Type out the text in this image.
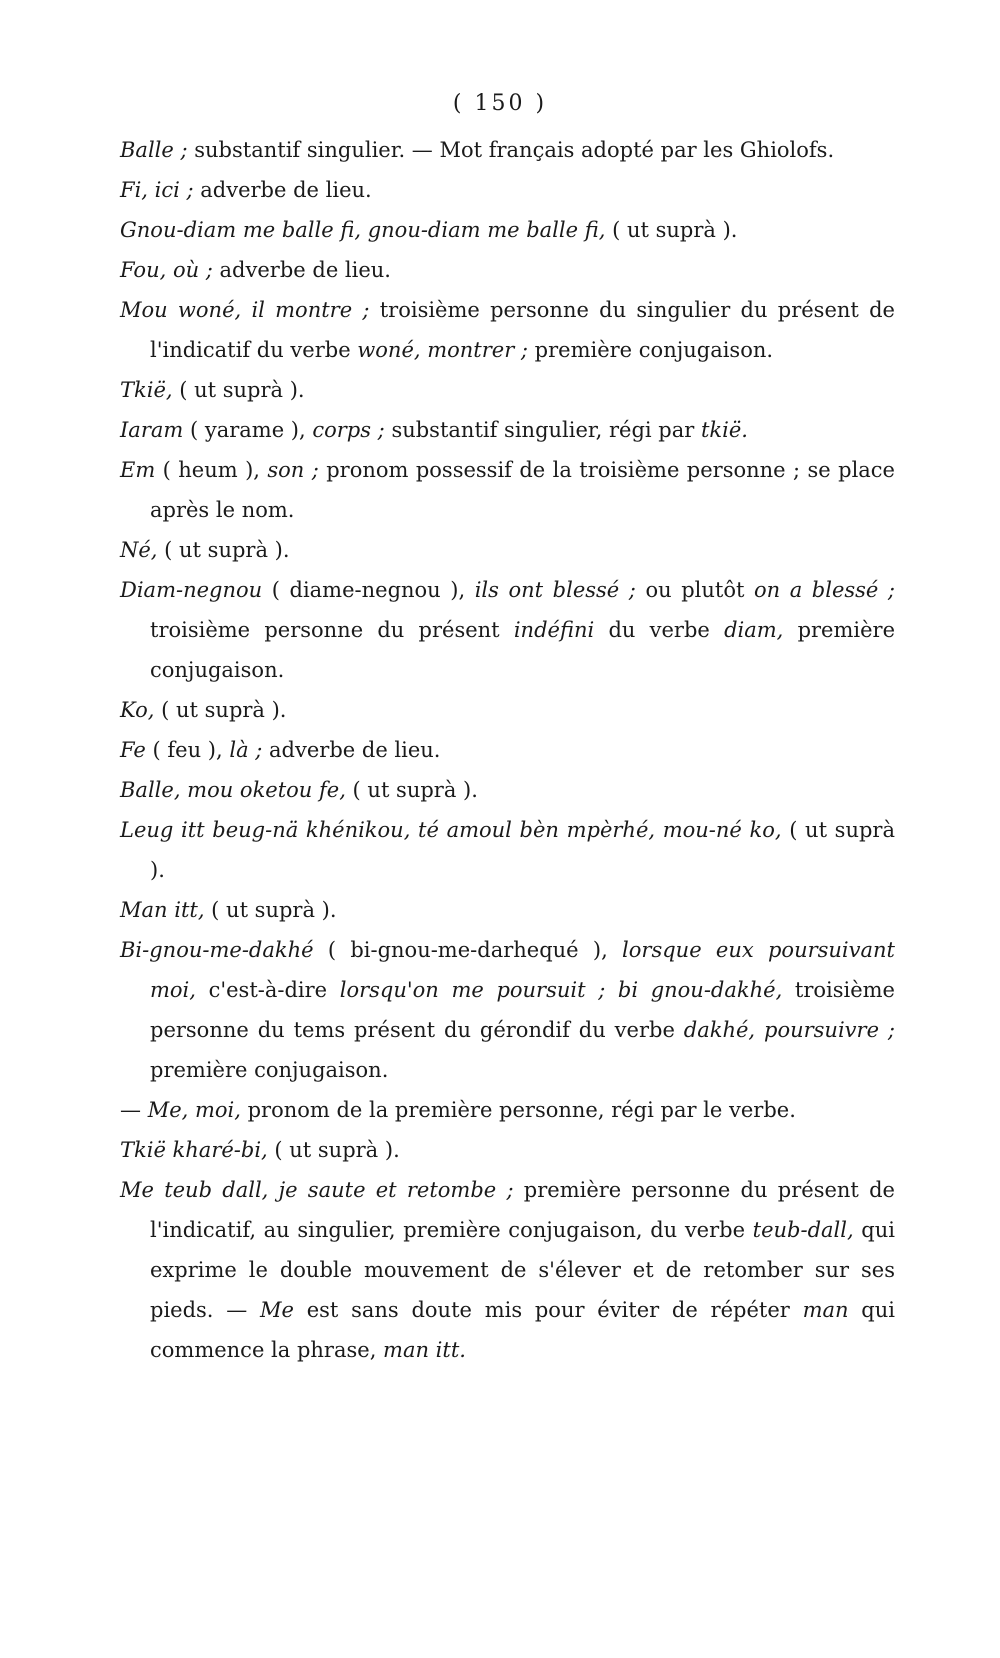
( 150 )

Balle ; substantif singulier. — Mot français adopté par les Ghiolofs.

Fi, ici ; adverbe de lieu.

Gnou-diam me balle fi, gnou-diam me balle fi, ( ut suprà ).

Fou, où ; adverbe de lieu.

Mou woné, il montre ; troisième personne du singulier du présent de l'indicatif du verbe woné, montrer ; première conjugaison.

Tkië, ( ut suprà ).

Iaram ( yarame ), corps ; substantif singulier, régi par tkië.

Em ( heum ), son ; pronom possessif de la troisième personne ; se place après le nom.

Né, ( ut suprà ).

Diam-negnou ( diame-negnou ), ils ont blessé ; ou plutôt on a blessé ; troisième personne du présent indéfini du verbe diam, première conjugaison.

Ko, ( ut suprà ).

Fe ( feu ), là ; adverbe de lieu.

Balle, mou oketou fe, ( ut suprà ).

Leug itt beug-nä khénikou, té amoul bèn mpèrhé, mou-né ko, ( ut suprà ).

Man itt, ( ut suprà ).

Bi-gnou-me-dakhé ( bi-gnou-me-darhequé ), lorsque eux poursuivant moi, c'est-à-dire lorsqu'on me poursuit ; bi gnou-dakhé, troisième personne du tems présent du gérondif du verbe dakhé, poursuivre ; première conjugaison.

— Me, moi, pronom de la première personne, régi par le verbe.

Tkië kharé-bi, ( ut suprà ).

Me teub dall, je saute et retombe ; première personne du présent de l'indicatif, au singulier, première conjugaison, du verbe teub-dall, qui exprime le double mouvement de s'élever et de retomber sur ses pieds. — Me est sans doute mis pour éviter de répéter man qui commence la phrase, man itt.
